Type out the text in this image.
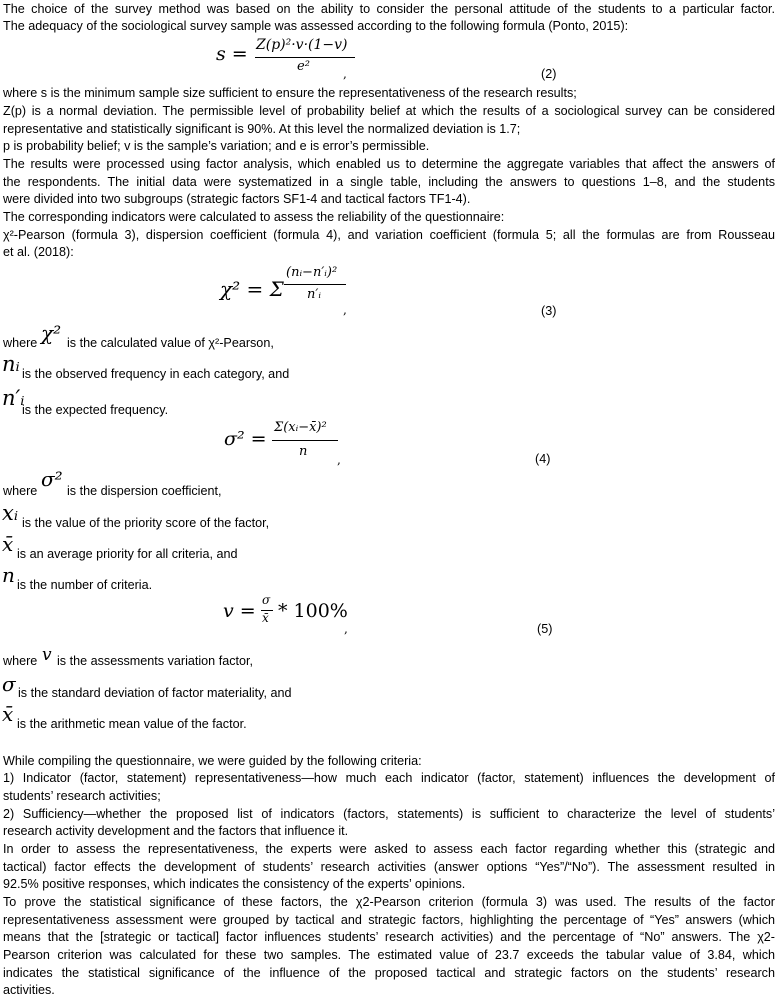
The choice of the survey method was based on the ability to consider the personal attitude of the students to a particular factor.
The adequacy of the sociological survey sample was assessed according to the following formula (Ponto, 2015):
s = Z(p)²·v·(1−v)
e²	,	(2)
where s is the minimum sample size sufficient to ensure the representativeness of the research results;
Z(p) is a normal deviation. The permissible level of probability belief at which the results of a sociological survey can be considered
representative and statistically significant is 90%. At this level the normalized deviation is 1.7;
p is probability belief; v is the sample’s variation; and e is error’s permissible.
The results were processed using factor analysis, which enabled us to determine the aggregate variables that affect the answers of
the respondents. The initial data were systematized in a single table, including the answers to questions 1–8, and the students
were divided into two subgroups (strategic factors SF1-4 and tactical factors TF1-4).
The corresponding indicators were calculated to assess the reliability of the questionnaire:
χ²-Pearson (formula 3), dispersion coefficient (formula 4), and variation coefficient (formula 5; all the formulas are from Rousseau
et al. (2018):
χ² = Σ
(nᵢ−n′ᵢ)²
n′ᵢ
,	(3)
where χ² is the calculated value of χ²-Pearson,
nᵢ is the observed frequency in each category, and
n′ᵢ
is the expected frequency.
σ² =
Σ(xᵢ−x̄)²
n
,	(4)
where σ² is the dispersion coefficient,
xᵢ is the value of the priority score of the factor,
x̄ is an average priority for all criteria, and
n is the number of criteria.
v = σ
x̄ * 100%
,	(5)
where v is the assessments variation factor,
σ is the standard deviation of factor materiality, and
x̄ is the arithmetic mean value of the factor.
While compiling the questionnaire, we were guided by the following criteria:
1) Indicator (factor, statement) representativeness—how much each indicator (factor, statement) influences the development of
students’ research activities;
2) Sufficiency—whether the proposed list of indicators (factors, statements) is sufficient to characterize the level of students’
research activity development and the factors that influence it.
In order to assess the representativeness, the experts were asked to assess each factor regarding whether this (strategic and
tactical) factor effects the development of students’ research activities (answer options “Yes”/“No”). The assessment resulted in
92.5% positive responses, which indicates the consistency of the experts’ opinions.
To prove the statistical significance of these factors, the χ2-Pearson criterion (formula 3) was used. The results of the factor
representativeness assessment were grouped by tactical and strategic factors, highlighting the percentage of “Yes” answers (which
means that the [strategic or tactical] factor influences students’ research activities) and the percentage of “No” answers. The χ2-
Pearson criterion was calculated for these two samples. The estimated value of 23.7 exceeds the tabular value of 3.84, which
indicates the statistical significance of the influence of the proposed tactical and strategic factors on the students’ research
activities.
